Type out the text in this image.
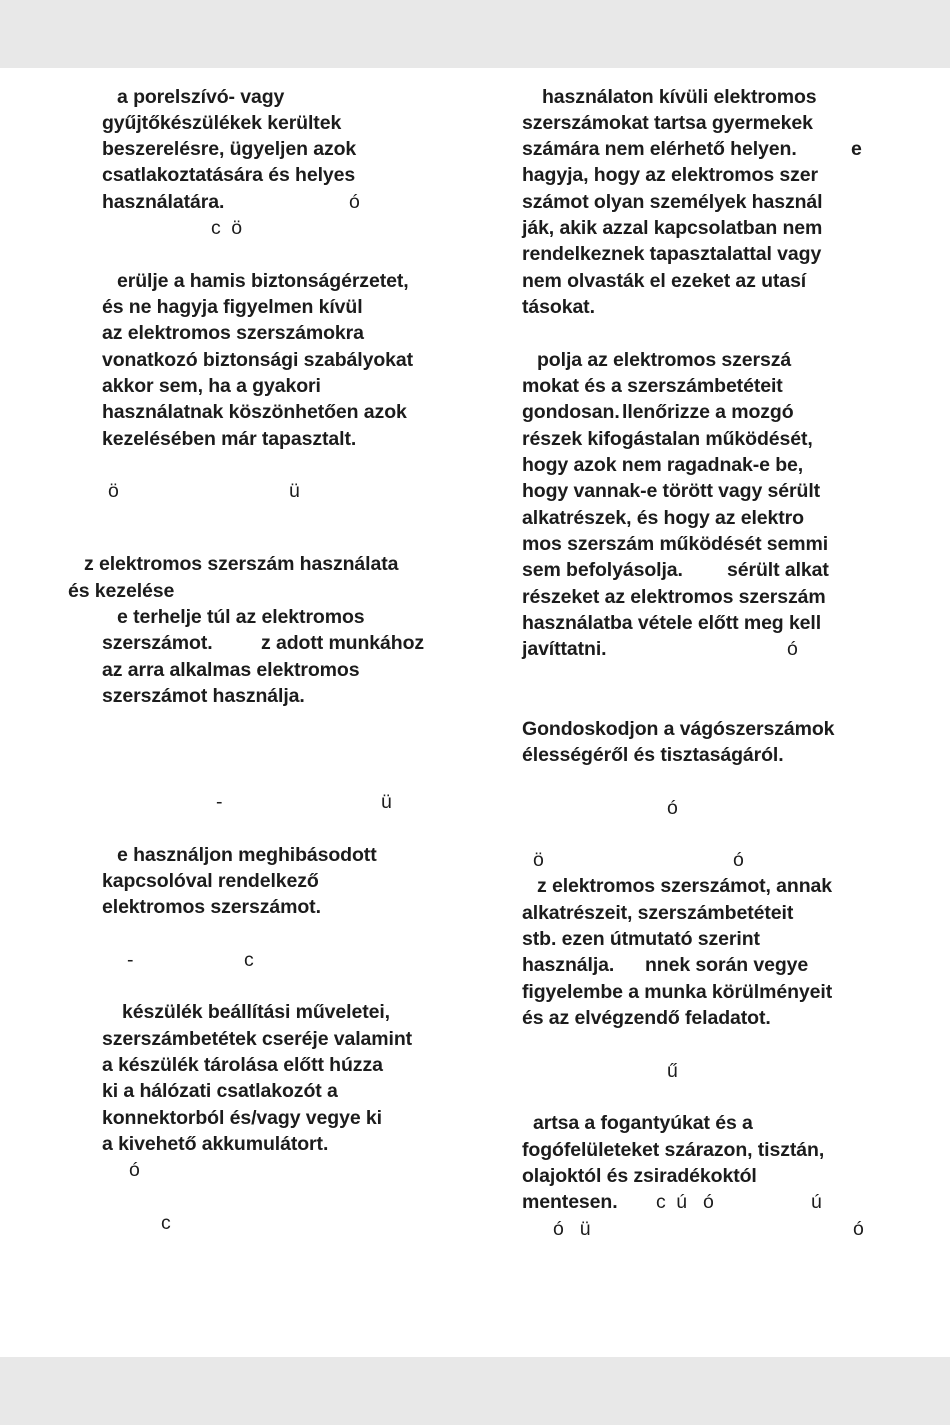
a porelszívó- vagy
gyűjtőkészülékek kerültek
beszerelésre, ügyeljen azok
csatlakoztatására és helyes
használatára.	ó
c  ö
erülje a hamis biztonságérzetet,
és ne hagyja figyelmen kívül
az elektromos szerszámokra
vonatkozó biztonsági szabályokat
akkor sem, ha a gyakori
használatnak köszönhetően azok
kezelésében már tapasztalt.
ö	ü
z elektromos szerszám használata
és kezelése
e terhelje túl az elektromos
szerszámot. z adott munkához
az arra alkalmas elektromos
szerszámot használja.
-	ü
e használjon meghibásodott
kapcsolóval rendelkező
elektromos szerszámot.
-	c
készülék beállítási műveletei,
szerszámbetétek cseréje valamint
a készülék tárolása előtt húzza
ki a hálózati csatlakozót a
konnektorból és/vagy vegye ki
a kivehető akkumulátort.
ó
c
használaton kívüli elektromos
szerszámokat tartsa gyermekek
számára nem elérhető helyen.	e
hagyja, hogy az elektromos szer
számot olyan személyek használ
ják, akik azzal kapcsolatban nem
rendelkeznek tapasztalattal vagy
nem olvasták el ezeket az utasí
tásokat.
polja az elektromos szerszá
mokat és a szerszámbetéteit
gondosan. llenőrizze a mozgó
részek kifogástalan működését,
hogy azok nem ragadnak-e be,
hogy vannak-e törött vagy sérült
alkatrészek, és hogy az elektro
mos szerszám működését semmi
sem befolyásolja. sérült alkat
részeket az elektromos szerszám
használatba vétele előtt meg kell
javíttatni.	ó
Gondoskodjon a vágószerszámok
élességéről és tisztaságáról.
ó
ö	ó
z elektromos szerszámot, annak
alkatrészeit, szerszámbetéteit
stb. ezen útmutató szerint
használja. nnek során vegye
figyelembe a munka körülményeit
és az elvégzendő feladatot.
ű
artsa a fogantyúkat és a
fogófelületeket szárazon, tisztán,
olajoktól és zsiradékoktól
mentesen. c  ú   ó	ú
ó   ü	ó
